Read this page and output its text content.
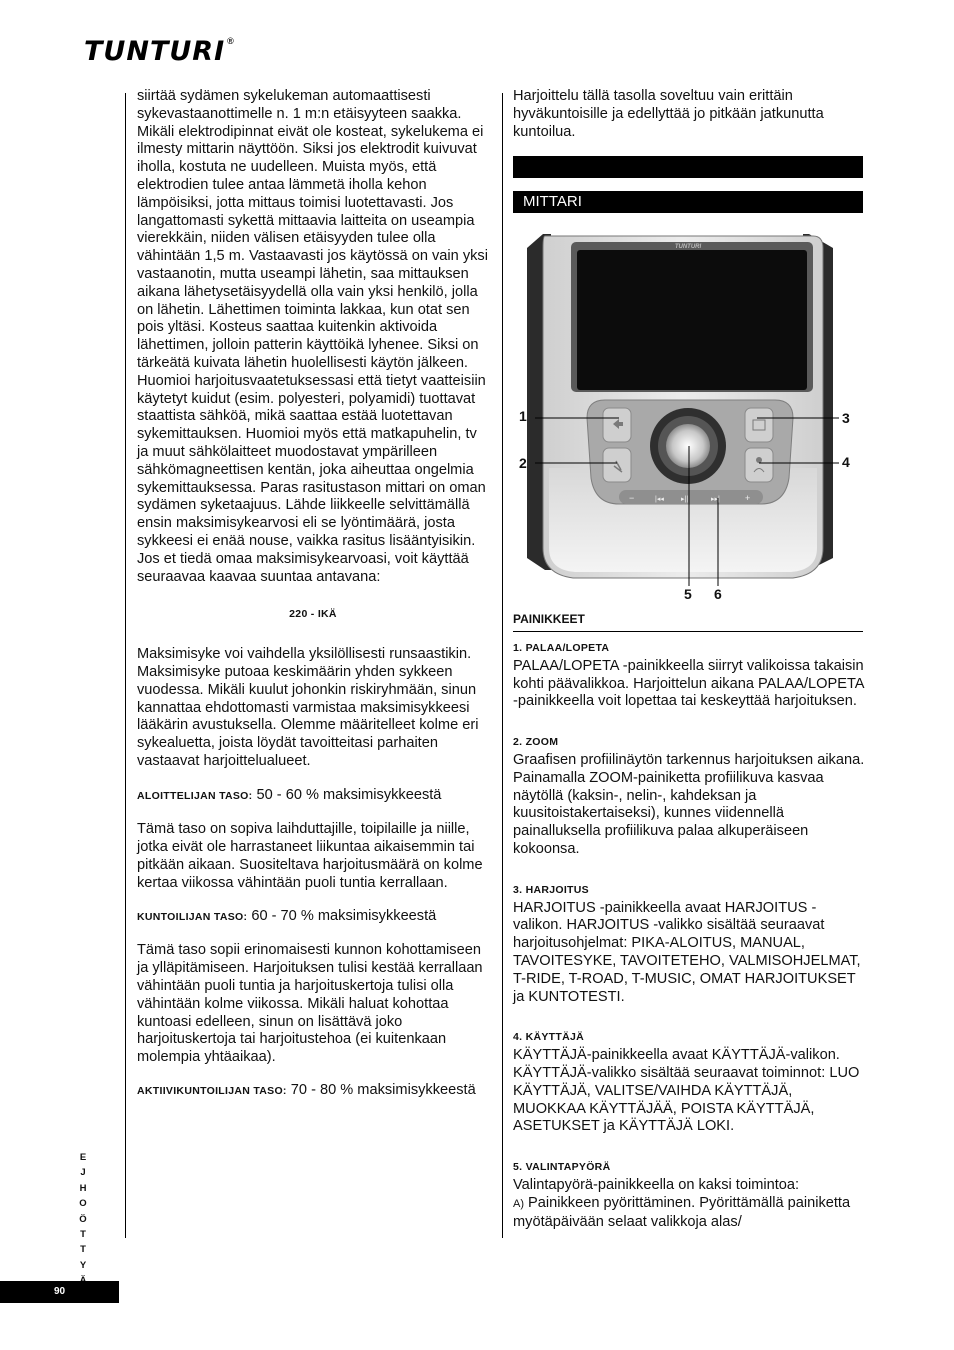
TUNTURI ®

siirtää sydämen sykelukeman automaattisesti sykevastaanottimelle n. 1 m:n etäisyyteen saakka. Mikäli elektrodipinnat eivät ole kosteat, sykelukema ei ilmesty mittarin näyttöön. Siksi jos elektrodit kuivuvat iholla, kostuta ne uudelleen. Muista myös, että elektrodien tulee antaa lämmetä iholla kehon lämpöisiksi, jotta mittaus toimisi luotettavasti. Jos langattomasti sykettä mittaavia laitteita on useampia vierekkäin, niiden välisen etäisyyden tulee olla vähintään 1,5 m. Vastaavasti jos käytössä on vain yksi vastaanotin, mutta useampi lähetin, saa mittauksen aikana lähetysetäisyydellä olla vain yksi henkilö, jolla on lähetin. Lähettimen toiminta lakkaa, kun otat sen pois yltäsi. Kosteus saattaa kuitenkin aktivoida lähettimen, jolloin patterin käyttöikä lyhenee. Siksi on tärkeätä kuivata lähetin huolellisesti käytön jälkeen. Huomioi harjoitusvaatetuksessasi että tietyt vaatteisiin käytetyt kuidut (esim. polyesteri, polyamidi) tuottavat staattista sähköä, mikä saattaa estää luotettavan sykemittauksen. Huomioi myös että matkapuhelin, tv ja muut sähkölaitteet muodostavat ympärilleen sähkömagneettisen kentän, joka aiheuttaa ongelmia sykemittauksessa. Paras rasitustason mittari on oman sydämen syketaajuus. Lähde liikkeelle selvittämällä ensin maksimisykearvosi eli se lyöntimäärä, josta sykkeesi ei enää nouse, vaikka rasitus lisääntyisikin. Jos et tiedä omaa maksimisykearvoasi, voit käyttää seuraavaa kaavaa suuntaa antavana:

220 - IKÄ

Maksimisyke voi vaihdella yksilöllisesti runsaastikin. Maksimisyke putoaa keskimäärin yhden sykkeen vuodessa. Mikäli kuulut johonkin riskiryhmään, sinun kannattaa ehdottomasti varmistaa maksimisykkeesi lääkärin avustuksella. Olemme määritelleet kolme eri sykealuetta, joista löydät tavoitteitasi parhaiten vastaavat harjoittelualueet.

ALOITTELIJAN TASO: 50 - 60 % maksimisykkeestä

Tämä taso on sopiva laihduttajille, toipilaille ja niille, jotka eivät ole harrastaneet liikuntaa aikaisemmin tai pitkään aikaan. Suositeltava harjoitusmäärä on kolme kertaa viikossa vähintään puoli tuntia kerrallaan.

KUNTOILIJAN TASO: 60 - 70 % maksimisykkeestä

Tämä taso sopii erinomaisesti kunnon kohottamiseen ja ylläpitämiseen. Harjoituksen tulisi kestää kerrallaan vähintään puoli tuntia ja harjoituskertoja tulisi olla vähintään kolme viikossa. Mikäli haluat kohottaa kuntoasi edelleen, sinun on lisättävä joko harjoituskertoja tai harjoitustehoa (ei kuitenkaan molempia yhtäaikaa).

AKTIIVIKUNTOILIJAN TASO: 70 - 80 % maksimisykkeestä

Harjoittelu tällä tasolla soveltuu vain erittäin hyväkuntoisille ja edellyttää jo pitkään jatkunutta kuntoilua.

MITTARI
TUNTURI
−	|◂◂ ▸||	▸▸|	+
1
2
3
4
5 6
PAINIKKEET

1. PALAA/LOPETA

PALAA/LOPETA -painikkeella siirryt valikoissa takaisin kohti päävalikkoa. Harjoittelun aikana PALAA/LOPETA -painikkeella voit lopettaa tai keskeyttää harjoituksen.

2. ZOOM

Graafisen profiilinäytön tarkennus harjoituksen aikana. Painamalla ZOOM-painiketta profiilikuva kasvaa näytöllä (kaksin-, nelin-, kahdeksan ja kuusitoistakertaiseksi), kunnes viidennellä painalluksella profiilikuva palaa alkuperäiseen kokoonsa.

3. HARJOITUS

HARJOITUS -painikkeella avaat HARJOITUS -valikon. HARJOITUS -valikko sisältää seuraavat harjoitusohjelmat: PIKA-ALOITUS, MANUAL, TAVOITESYKE, TAVOITETEHO, VALMISOHJELMAT, T-RIDE, T-ROAD, T-MUSIC, OMAT HARJOITUKSET ja KUNTOTESTI.

4. KÄYTTÄJÄ

KÄYTTÄJÄ-painikkeella avaat KÄYTTÄJÄ-valikon. KÄYTTÄJÄ-valikko sisältää seuraavat toiminnot: LUO KÄYTTÄJÄ, VALITSE/VAIHDA KÄYTTÄJÄ, MUOKKAA KÄYTTÄJÄÄ, POISTA KÄYTTÄJÄ, ASETUKSET ja KÄYTTÄJÄ LOKI.

5. VALINTAPYÖRÄ

Valintapyörä-painikkeella on kaksi toimintoa:

A) Painikkeen pyörittäminen. Pyörittämällä painiketta myötäpäivään selaat valikkoja alas/

E
J
H
O
Ö
T
T
Y
90
